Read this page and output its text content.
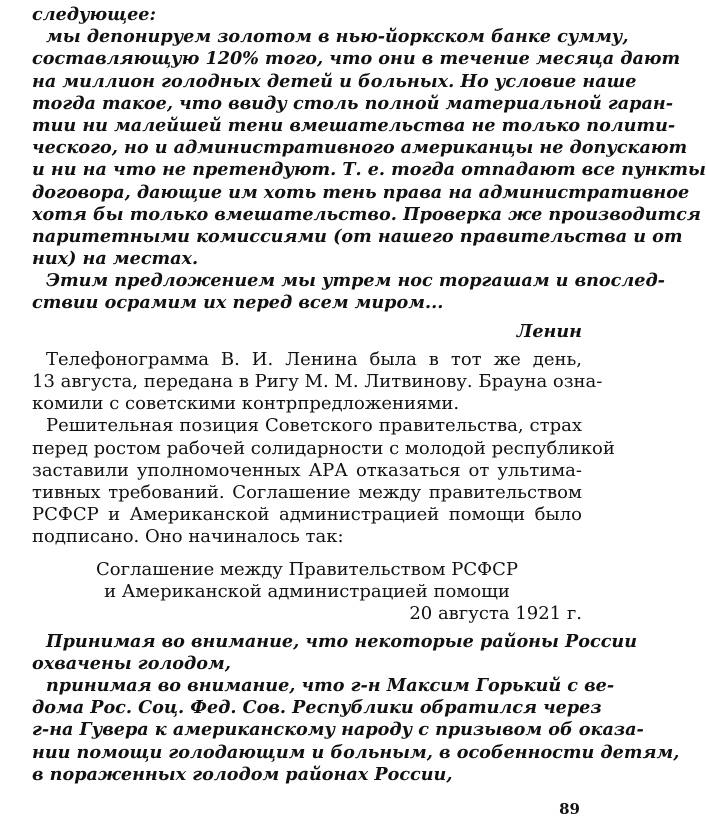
следующее:
мы депонируем золотом в нью-йоркском банке сумму,
составляющую 120% того, что они в течение месяца дают
на миллион голодных детей и больных. Но условие наше
тогда такое, что ввиду столь полной материальной гаран-
тии ни малейшей тени вмешательства не только полити-
ческого, но и административного американцы не допускают
и ни на что не претендуют. Т. е. тогда отпадают все пункты
договора, дающие им хоть тень права на административное
хотя бы только вмешательство. Проверка же производится
паритетными комиссиями (от нашего правительства и от
них) на местах.
Этим предложением мы утрем нос торгашам и впослед-
ствии осрамим их перед всем миром...
Ленин
Телефонограмма В. И. Ленина была в тот же день,
13 августа, передана в Ригу М. М. Литвинову. Брауна озна-
комили с советскими контрпредложениями.
Решительная позиция Советского правительства, страх
перед ростом рабочей солидарности с молодой республикой
заставили уполномоченных АРА отказаться от ультима-
тивных требований. Соглашение между правительством
РСФСР и Американской администрацией помощи было
подписано. Оно начиналось так:
Соглашение между Правительством РСФСР
и Американской администрацией помощи
20 августа 1921 г.
Принимая во внимание, что некоторые районы России
охвачены голодом,
принимая во внимание, что г-н Максим Горький с ве-
дома Рос. Соц. Фед. Сов. Республики обратился через
г-на Гувера к американскому народу с призывом об оказа-
нии помощи голодающим и больным, в особенности детям,
в пораженных голодом районах России,
89
